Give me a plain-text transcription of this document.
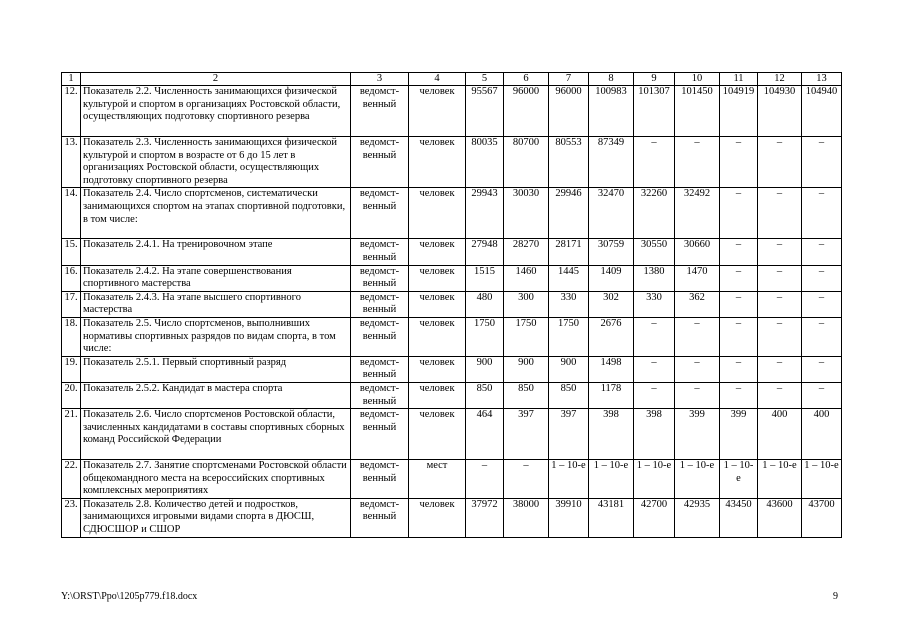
1	2	3	4	5	6	7	8	9	10	11	12	13
12.	Показатель 2.2. Численность занимающихся физической культурой и спортом в организациях Ростовской области, осуществляющих подготовку спортивного резерва	ведомст-венный	человек	95567	96000	96000	100983	101307	101450	104919	104930	104940
13.	Показатель 2.3. Численность занимающихся физической культурой и спортом в возрасте от 6 до 15 лет в организациях Ростовской области, осуществляющих подготовку спортивного резерва	ведомст-венный	человек	80035	80700	80553	87349	–	–	–	–	–
14.	Показатель 2.4. Число спортсменов, систематически занимающихся спортом на этапах спортивной подготовки, в том числе:	ведомст-венный	человек	29943	30030	29946	32470	32260	32492	–	–	–
15.	Показатель 2.4.1. На тренировочном этапе	ведомст-венный	человек	27948	28270	28171	30759	30550	30660	–	–	–
16.	Показатель 2.4.2. На этапе совершенствования спортивного мастерства	ведомст-венный	человек	1515	1460	1445	1409	1380	1470	–	–	–
17.	Показатель 2.4.3. На этапе высшего спортивного мастерства	ведомст-венный	человек	480	300	330	302	330	362	–	–	–
18.	Показатель 2.5. Число спортсменов, выполнивших нормативы спортивных разрядов по видам спорта, в том числе:	ведомст-венный	человек	1750	1750	1750	2676	–	–	–	–	–
19.	Показатель 2.5.1. Первый спортивный разряд	ведомст-венный	человек	900	900	900	1498	–	–	–	–	–
20.	Показатель 2.5.2. Кандидат в мастера спорта	ведомст-венный	человек	850	850	850	1178	–	–	–	–	–
21.	Показатель 2.6. Число спортсменов Ростовской области, зачисленных кандидатами в составы спортивных сборных команд Российской Федерации	ведомст-венный	человек	464	397	397	398	398	399	399	400	400
22.	Показатель 2.7. Занятие спортсменами Ростовской области общекомандного места на всероссийских спортивных комплексных мероприятиях	ведомст-венный	мест	–	–	1 – 10-е	1 – 10-е	1 – 10-е	1 – 10-е	1 – 10-е	1 – 10-е	1 – 10-е
23.	Показатель 2.8. Количество детей и подростков, занимающихся игровыми видами спорта в ДЮСШ, СДЮСШОР и СШОР	ведомст-венный	человек	37972	38000	39910	43181	42700	42935	43450	43600	43700
Y:\ORST\Ppo\1205p779.f18.docx	9
